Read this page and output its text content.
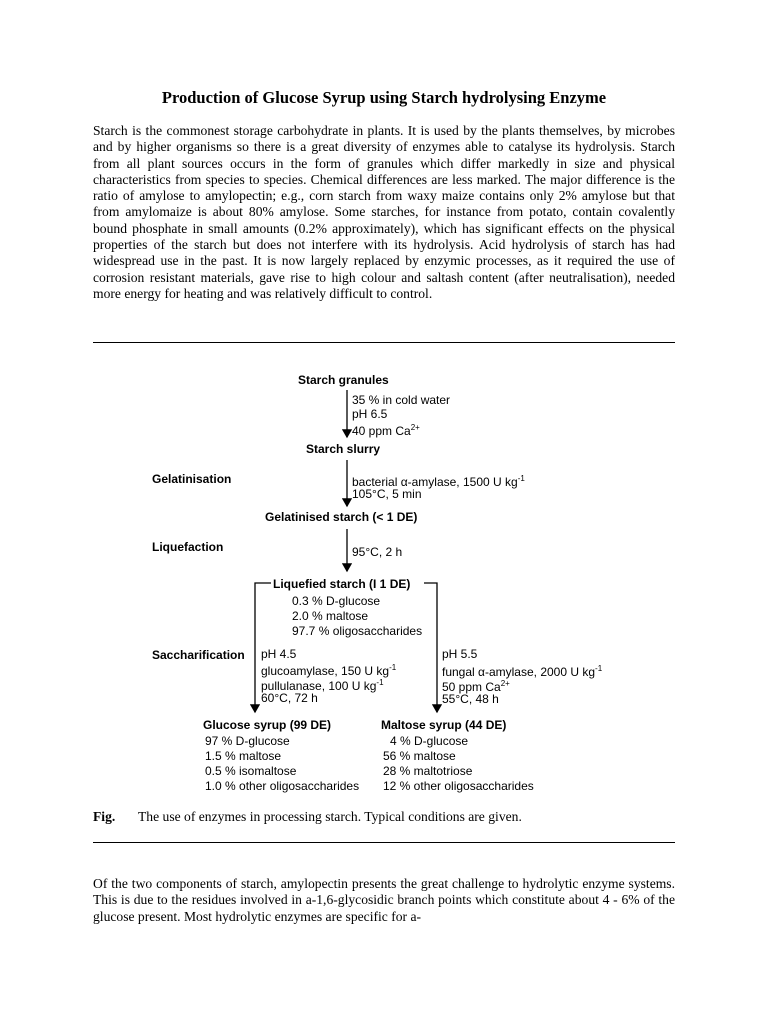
Production of Glucose Syrup using Starch hydrolysing Enzyme

Starch is the commonest storage carbohydrate in plants. It is used by the plants themselves, by microbes and by higher organisms so there is a great diversity of enzymes able to catalyse its hydrolysis. Starch from all plant sources occurs in the form of granules which differ markedly in size and physical characteristics from species to species. Chemical differences are less marked. The major difference is the ratio of amylose to amylopectin; e.g., corn starch from waxy maize contains only 2% amylose but that from amylomaize is about 80% amylose. Some starches, for instance from potato, contain covalently bound phosphate in small amounts (0.2% approximately), which has significant effects on the physical properties of the starch but does not interfere with its hydrolysis. Acid hydrolysis of starch has had widespread use in the past. It is now largely replaced by enzymic processes, as it required the use of corrosion resistant materials, gave rise to high colour and saltash content (after neutralisation), needed more energy for heating and was relatively difficult to control.

Starch granules
35 % in cold water
pH 6.5
40 ppm $Ca^{2+}$
Starch slurry
Gelatinisation	bacterial α-amylase, 1500 U $kg^{-1}$
105°C, 5 min
Gelatinised starch (< 1 DE)
Liquefaction	95°C, 2 h
Liquefied starch (I 1 DE)
0.3 % D-glucose
2.0 % maltose
97.7 % oligosaccharides
Saccharification pH 4.5
glucoamylase, 150 U $kg^{-1}$
pullulanase, 100 U $kg^{-1}$
60°C, 72 h
pH 5.5
fungal α-amylase, 2000 U $kg^{-1}$
50 ppm $Ca^{2+}$
55°C, 48 h
Glucose syrup (99 DE)
97 % D-glucose
1.5 % maltose
0.5 % isomaltose
1.0 % other oligosaccharides
Maltose syrup (44 DE)
4 % D-glucose
56 % maltose
28 % maltotriose
12 % other oligosaccharides
Fig. The use of enzymes in processing starch. Typical conditions are given.

Of the two components of starch, amylopectin presents the great challenge to hydrolytic enzyme systems. This is due to the residues involved in a-1,6-glycosidic branch points which constitute about 4 - 6% of the glucose present. Most hydrolytic enzymes are specific for a-
